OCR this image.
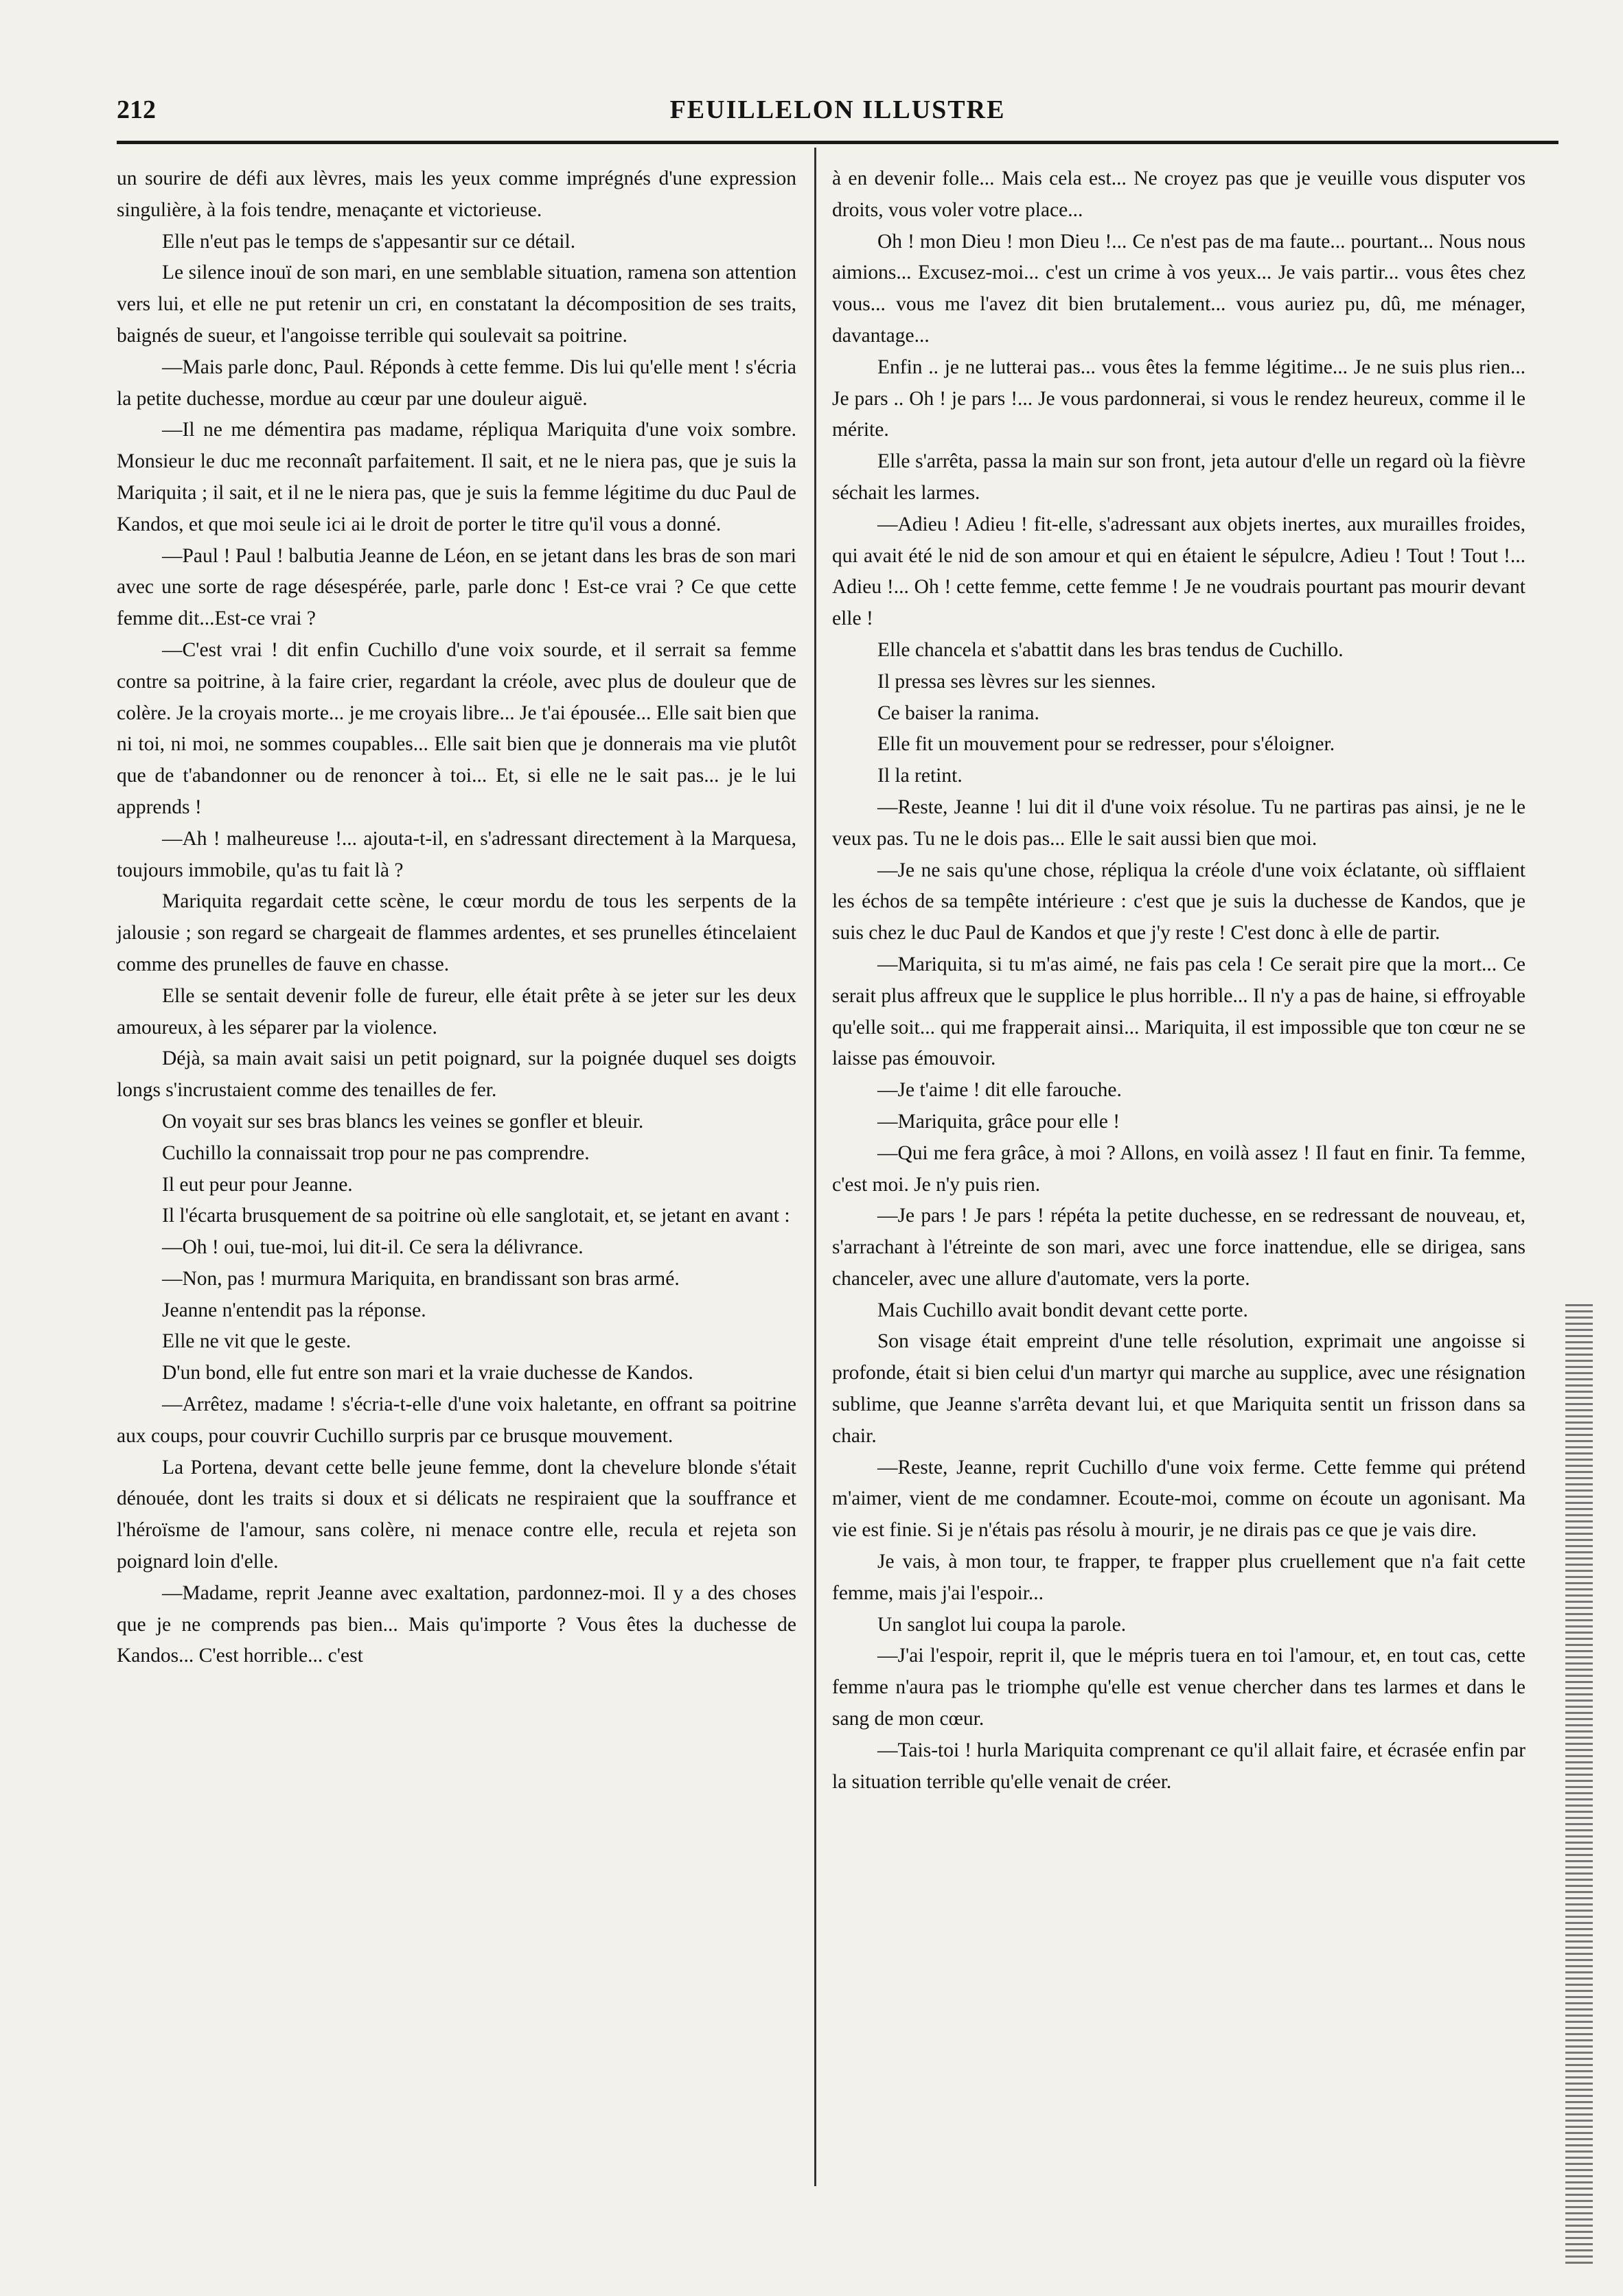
212	FEUILLELON ILLUSTRE

un sourire de défi aux lèvres, mais les yeux comme imprégnés d'une expression singulière, à la fois tendre, menaçante et victorieuse.

Elle n'eut pas le temps de s'appesantir sur ce détail.

Le silence inouï de son mari, en une semblable situation, ramena son attention vers lui, et elle ne put retenir un cri, en constatant la décomposition de ses traits, baignés de sueur, et l'angoisse terrible qui soulevait sa poitrine.

—Mais parle donc, Paul. Réponds à cette femme. Dis lui qu'elle ment ! s'écria la petite duchesse, mordue au cœur par une douleur aiguë.

—Il ne me démentira pas madame, répliqua Mariquita d'une voix sombre. Monsieur le duc me reconnaît parfaitement. Il sait, et ne le niera pas, que je suis la Mariquita ; il sait, et il ne le niera pas, que je suis la femme légitime du duc Paul de Kandos, et que moi seule ici ai le droit de porter le titre qu'il vous a donné.

—Paul ! Paul ! balbutia Jeanne de Léon, en se jetant dans les bras de son mari avec une sorte de rage désespérée, parle, parle donc ! Est-ce vrai ? Ce que cette femme dit...Est-ce vrai ?

—C'est vrai ! dit enfin Cuchillo d'une voix sourde, et il serrait sa femme contre sa poitrine, à la faire crier, regardant la créole, avec plus de douleur que de colère. Je la croyais morte... je me croyais libre... Je t'ai épousée... Elle sait bien que ni toi, ni moi, ne sommes coupables... Elle sait bien que je donnerais ma vie plutôt que de t'abandonner ou de renoncer à toi... Et, si elle ne le sait pas... je le lui apprends !

—Ah ! malheureuse !... ajouta-t-il, en s'adressant directement à la Marquesa, toujours immobile, qu'as tu fait là ?

Mariquita regardait cette scène, le cœur mordu de tous les serpents de la jalousie ; son regard se chargeait de flammes ardentes, et ses prunelles étincelaient comme des prunelles de fauve en chasse.

Elle se sentait devenir folle de fureur, elle était prête à se jeter sur les deux amoureux, à les séparer par la violence.

Déjà, sa main avait saisi un petit poignard, sur la poignée duquel ses doigts longs s'incrustaient comme des tenailles de fer.

On voyait sur ses bras blancs les veines se gonfler et bleuir.

Cuchillo la connaissait trop pour ne pas comprendre.

Il eut peur pour Jeanne.

Il l'écarta brusquement de sa poitrine où elle sanglotait, et, se jetant en avant :

—Oh ! oui, tue-moi, lui dit-il. Ce sera la délivrance.

—Non, pas ! murmura Mariquita, en brandissant son bras armé.

Jeanne n'entendit pas la réponse.

Elle ne vit que le geste.

D'un bond, elle fut entre son mari et la vraie duchesse de Kandos.

—Arrêtez, madame ! s'écria-t-elle d'une voix haletante, en offrant sa poitrine aux coups, pour couvrir Cuchillo surpris par ce brusque mouvement.

La Portena, devant cette belle jeune femme, dont la chevelure blonde s'était dénouée, dont les traits si doux et si délicats ne respiraient que la souffrance et l'héroïsme de l'amour, sans colère, ni menace contre elle, recula et rejeta son poignard loin d'elle.

—Madame, reprit Jeanne avec exaltation, pardonnez-moi. Il y a des choses que je ne comprends pas bien... Mais qu'importe ? Vous êtes la duchesse de Kandos... C'est horrible... c'est

à en devenir folle... Mais cela est... Ne croyez pas que je veuille vous disputer vos droits, vous voler votre place...

Oh ! mon Dieu ! mon Dieu !... Ce n'est pas de ma faute... pourtant... Nous nous aimions... Excusez-moi... c'est un crime à vos yeux... Je vais partir... vous êtes chez vous... vous me l'avez dit bien brutalement... vous auriez pu, dû, me ménager, davantage...

Enfin .. je ne lutterai pas... vous êtes la femme légitime... Je ne suis plus rien... Je pars .. Oh ! je pars !... Je vous pardonnerai, si vous le rendez heureux, comme il le mérite.

Elle s'arrêta, passa la main sur son front, jeta autour d'elle un regard où la fièvre séchait les larmes.

—Adieu ! Adieu ! fit-elle, s'adressant aux objets inertes, aux murailles froides, qui avait été le nid de son amour et qui en étaient le sépulcre, Adieu ! Tout ! Tout !... Adieu !... Oh ! cette femme, cette femme ! Je ne voudrais pourtant pas mourir devant elle !

Elle chancela et s'abattit dans les bras tendus de Cuchillo.

Il pressa ses lèvres sur les siennes.

Ce baiser la ranima.

Elle fit un mouvement pour se redresser, pour s'éloigner.

Il la retint.

—Reste, Jeanne ! lui dit il d'une voix résolue. Tu ne partiras pas ainsi, je ne le veux pas. Tu ne le dois pas... Elle le sait aussi bien que moi.

—Je ne sais qu'une chose, répliqua la créole d'une voix éclatante, où sifflaient les échos de sa tempête intérieure : c'est que je suis la duchesse de Kandos, que je suis chez le duc Paul de Kandos et que j'y reste ! C'est donc à elle de partir.

—Mariquita, si tu m'as aimé, ne fais pas cela ! Ce serait pire que la mort... Ce serait plus affreux que le supplice le plus horrible... Il n'y a pas de haine, si effroyable qu'elle soit... qui me frapperait ainsi... Mariquita, il est impossible que ton cœur ne se laisse pas émouvoir.

—Je t'aime ! dit elle farouche.

—Mariquita, grâce pour elle !

—Qui me fera grâce, à moi ? Allons, en voilà assez ! Il faut en finir. Ta femme, c'est moi. Je n'y puis rien.

—Je pars ! Je pars ! répéta la petite duchesse, en se redressant de nouveau, et, s'arrachant à l'étreinte de son mari, avec une force inattendue, elle se dirigea, sans chanceler, avec une allure d'automate, vers la porte.

Mais Cuchillo avait bondit devant cette porte.

Son visage était empreint d'une telle résolution, exprimait une angoisse si profonde, était si bien celui d'un martyr qui marche au supplice, avec une résignation sublime, que Jeanne s'arrêta devant lui, et que Mariquita sentit un frisson dans sa chair.

—Reste, Jeanne, reprit Cuchillo d'une voix ferme. Cette femme qui prétend m'aimer, vient de me condamner. Ecoute-moi, comme on écoute un agonisant. Ma vie est finie. Si je n'étais pas résolu à mourir, je ne dirais pas ce que je vais dire.

Je vais, à mon tour, te frapper, te frapper plus cruellement que n'a fait cette femme, mais j'ai l'espoir...

Un sanglot lui coupa la parole.

—J'ai l'espoir, reprit il, que le mépris tuera en toi l'amour, et, en tout cas, cette femme n'aura pas le triomphe qu'elle est venue chercher dans tes larmes et dans le sang de mon cœur.

—Tais-toi ! hurla Mariquita comprenant ce qu'il allait faire, et écrasée enfin par la situation terrible qu'elle venait de créer.
